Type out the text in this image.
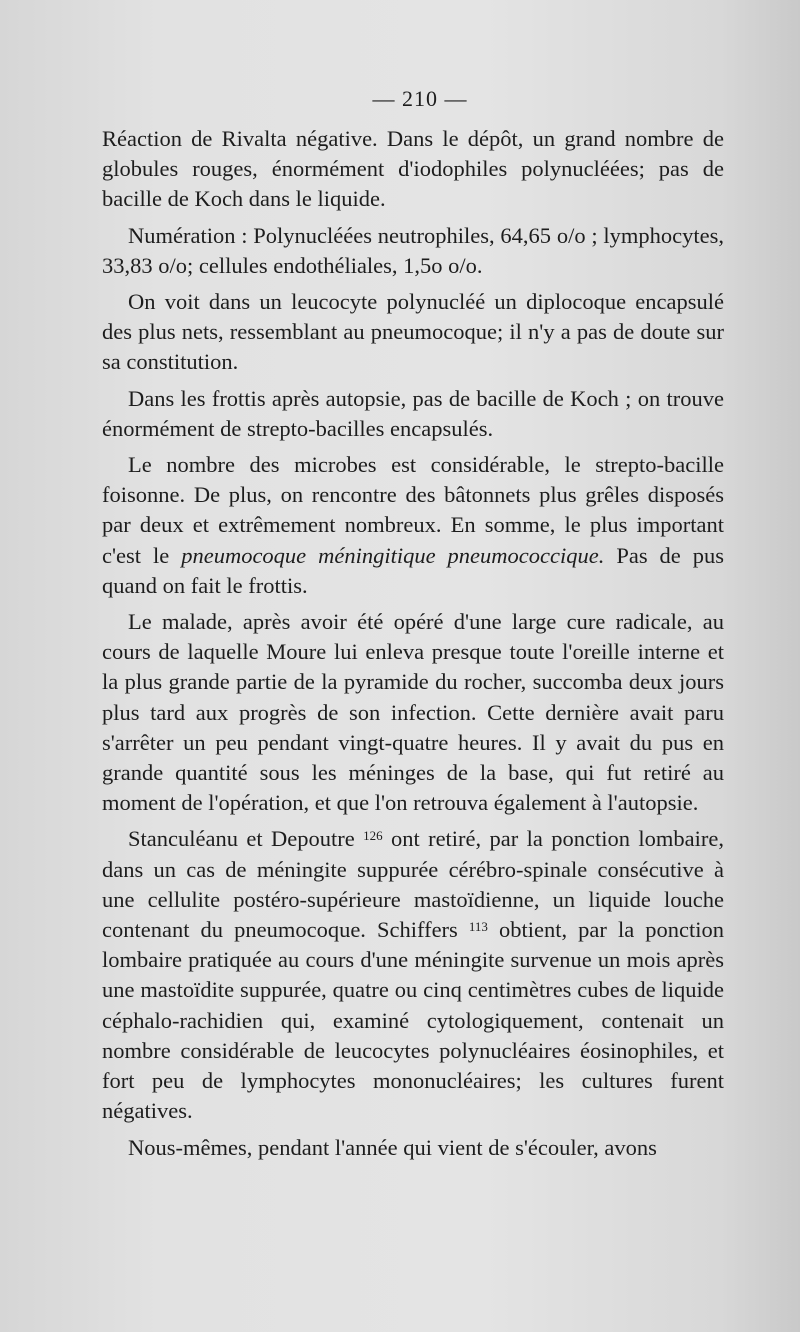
— 210 —

Réaction de Rivalta négative. Dans le dépôt, un grand nombre de globules rouges, énormément d'iodophiles polynucléées; pas de bacille de Koch dans le liquide.

Numération : Polynucléées neutrophiles, 64,65 o/o ; lymphocytes, 33,83 o/o; cellules endothéliales, 1,5o o/o.

On voit dans un leucocyte polynucléé un diplocoque encapsulé des plus nets, ressemblant au pneumocoque; il n'y a pas de doute sur sa constitution.

Dans les frottis après autopsie, pas de bacille de Koch ; on trouve énormément de strepto-bacilles encapsulés.

Le nombre des microbes est considérable, le strepto-bacille foisonne. De plus, on rencontre des bâtonnets plus grêles disposés par deux et extrêmement nombreux. En somme, le plus important c'est le pneumocoque méningitique pneumococcique. Pas de pus quand on fait le frottis.

Le malade, après avoir été opéré d'une large cure radicale, au cours de laquelle Moure lui enleva presque toute l'oreille interne et la plus grande partie de la pyramide du rocher, succomba deux jours plus tard aux progrès de son infection. Cette dernière avait paru s'arrêter un peu pendant vingt-quatre heures. Il y avait du pus en grande quantité sous les méninges de la base, qui fut retiré au moment de l'opération, et que l'on retrouva également à l'autopsie.

Stanculéanu et Depoutre $^{126}$ ont retiré, par la ponction lombaire, dans un cas de méningite suppurée cérébro-spinale consécutive à une cellulite postéro-supérieure mastoïdienne, un liquide louche contenant du pneumocoque. Schiffers $^{113}$ obtient, par la ponction lombaire pratiquée au cours d'une méningite survenue un mois après une mastoïdite suppurée, quatre ou cinq centimètres cubes de liquide céphalo-rachidien qui, examiné cytologiquement, contenait un nombre considérable de leucocytes polynucléaires éosinophiles, et fort peu de lymphocytes mononucléaires; les cultures furent négatives.

Nous-mêmes, pendant l'année qui vient de s'écouler, avons
